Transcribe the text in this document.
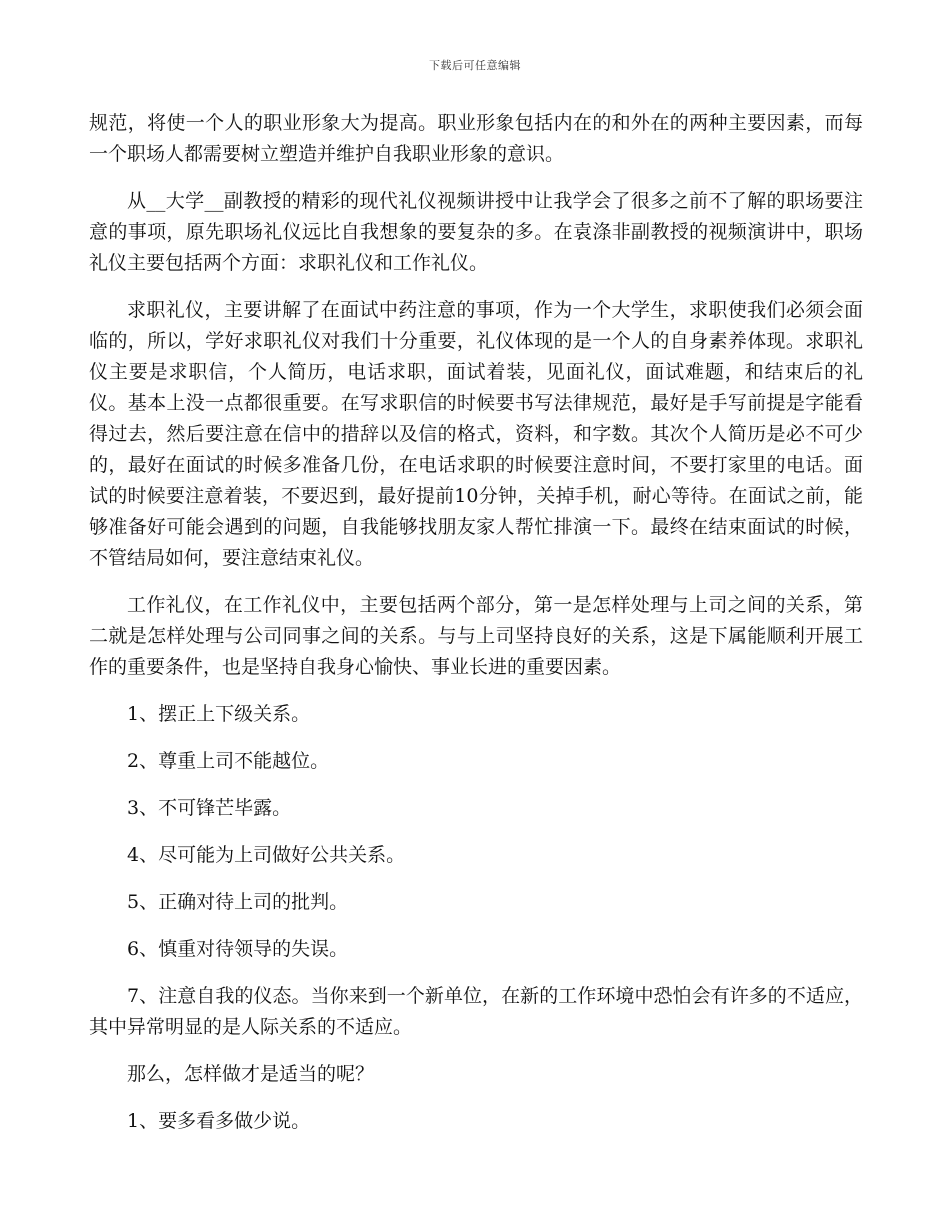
下载后可任意编辑

规范，将使一个人的职业形象大为提高。职业形象包括内在的和外在的两种主要因素，而每一个职场人都需要树立塑造并维护自我职业形象的意识。

从__大学__副教授的精彩的现代礼仪视频讲授中让我学会了很多之前不了解的职场要注意的事项，原先职场礼仪远比自我想象的要复杂的多。在袁涤非副教授的视频演讲中，职场礼仪主要包括两个方面：求职礼仪和工作礼仪。

求职礼仪，主要讲解了在面试中药注意的事项，作为一个大学生，求职使我们必须会面临的，所以，学好求职礼仪对我们十分重要，礼仪体现的是一个人的自身素养体现。求职礼仪主要是求职信，个人简历，电话求职，面试着装，见面礼仪，面试难题，和结束后的礼仪。基本上没一点都很重要。在写求职信的时候要书写法律规范，最好是手写前提是字能看得过去，然后要注意在信中的措辞以及信的格式，资料，和字数。其次个人简历是必不可少的，最好在面试的时候多准备几份，在电话求职的时候要注意时间，不要打家里的电话。面试的时候要注意着装，不要迟到，最好提前10分钟，关掉手机，耐心等待。在面试之前，能够准备好可能会遇到的问题，自我能够找朋友家人帮忙排演一下。最终在结束面试的时候，不管结局如何，要注意结束礼仪。

工作礼仪，在工作礼仪中，主要包括两个部分，第一是怎样处理与上司之间的关系，第二就是怎样处理与公司同事之间的关系。与与上司坚持良好的关系，这是下属能顺利开展工作的重要条件，也是坚持自我身心愉快、事业长进的重要因素。

1、摆正上下级关系。

2、尊重上司不能越位。

3、不可锋芒毕露。

4、尽可能为上司做好公共关系。

5、正确对待上司的批判。

6、慎重对待领导的失误。

7、注意自我的仪态。当你来到一个新单位，在新的工作环境中恐怕会有许多的不适应，其中异常明显的是人际关系的不适应。

那么，怎样做才是适当的呢？

1、要多看多做少说。
